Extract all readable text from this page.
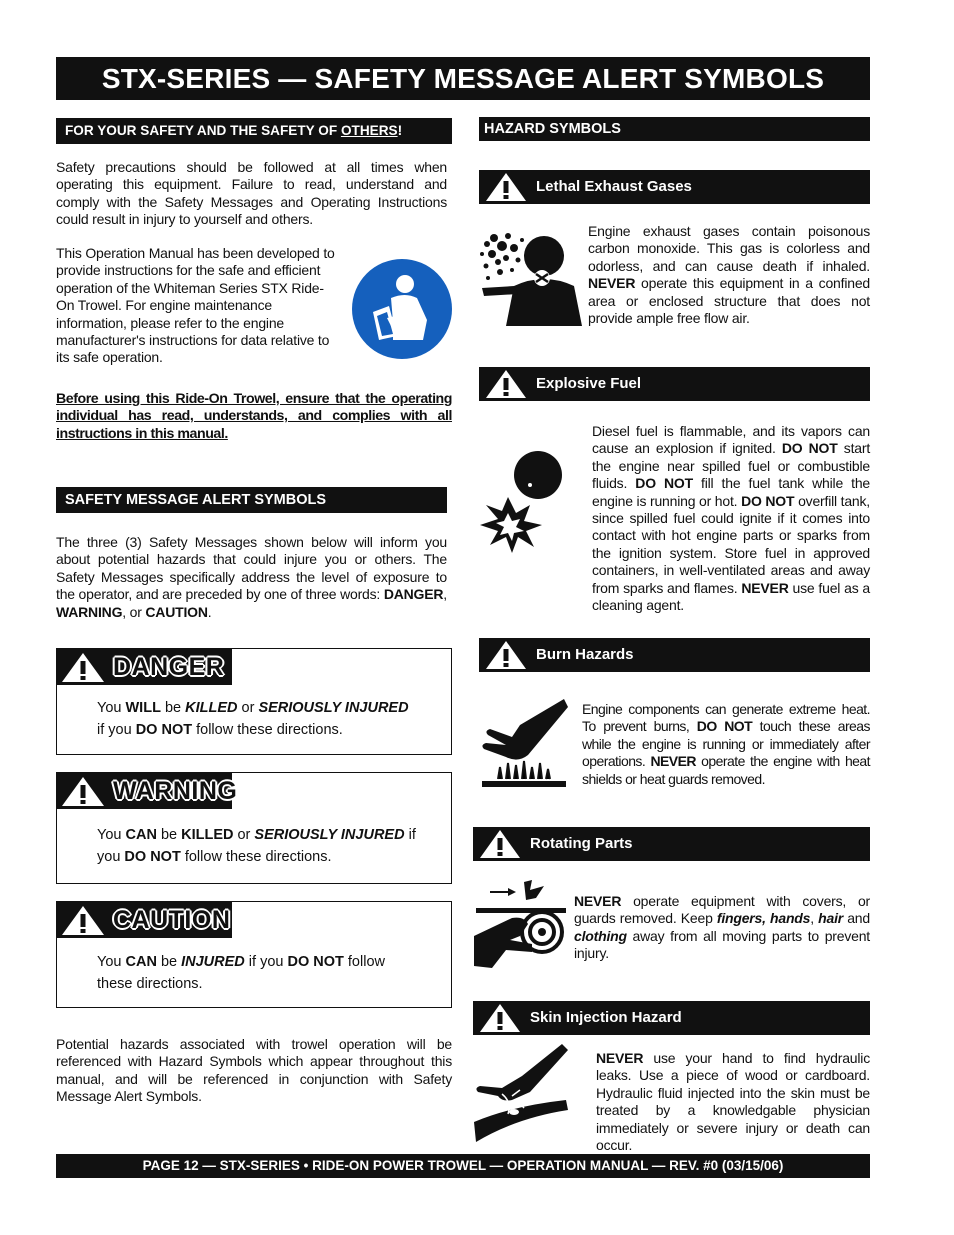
STX-SERIES — SAFETY MESSAGE ALERT SYMBOLS
FOR YOUR SAFETY AND THE SAFETY OF OTHERS!
Safety precautions should be followed at all times when operating this equipment. Failure to read, understand and comply with the Safety Messages and Operating Instructions could result in injury to yourself and others.
This Operation Manual has been developed to provide instructions for the safe and efficient operation of the Whiteman Series STX Ride-On Trowel. For engine maintenance information, please refer to the engine manufacturer's instructions for data relative to its safe operation.
Before using this Ride-On Trowel, ensure that the operating individual has read, understands, and complies with all instructions in this manual.
SAFETY MESSAGE ALERT SYMBOLS
The three (3) Safety Messages shown below will inform you about potential hazards that could injure you or others. The Safety Messages specifically address the level of exposure to the operator, and are preceded by one of three words: DANGER, WARNING, or CAUTION.
DANGER
You WILL be KILLED or SERIOUSLY INJURED
if you DO NOT follow these directions.
WARNING
You CAN be KILLED or SERIOUSLY INJURED if
you DO NOT follow these directions.
CAUTION
You CAN be INJURED if you DO NOT follow
these directions.
Potential hazards associated with trowel operation will be referenced with Hazard Symbols which appear throughout this manual, and will be referenced in conjunction with Safety Message Alert Symbols.
HAZARD SYMBOLS
Lethal Exhaust Gases
Engine exhaust gases contain poisonous carbon monoxide. This gas is colorless and odorless, and can cause death if inhaled. NEVER operate this equipment in a confined area or enclosed structure that does not provide ample free flow air.
Explosive Fuel
Diesel fuel is flammable, and its vapors can cause an explosion if ignited. DO NOT start the engine near spilled fuel or combustible fluids. DO NOT fill the fuel tank while the engine is running or hot. DO NOT overfill tank, since spilled fuel could ignite if it comes into contact with hot engine parts or sparks from the ignition system. Store fuel in approved containers, in well-ventilated areas and away from sparks and flames. NEVER use fuel as a cleaning agent.
Burn Hazards
Engine components can generate extreme heat. To prevent burns, DO NOT touch these areas while the engine is running or immediately after operations. NEVER operate the engine with heat shields or heat guards removed.
Rotating Parts
NEVER operate equipment with covers, or guards removed. Keep fingers, hands, hair and clothing away from all moving parts to prevent injury.
Skin Injection Hazard
NEVER use your hand to find hydraulic leaks. Use a piece of wood or cardboard. Hydraulic fluid injected into the skin must be treated by a knowledgable physician immediately or severe injury or death can occur.
PAGE 12 — STX-SERIES • RIDE-ON POWER TROWEL — OPERATION MANUAL — REV. #0 (03/15/06)
